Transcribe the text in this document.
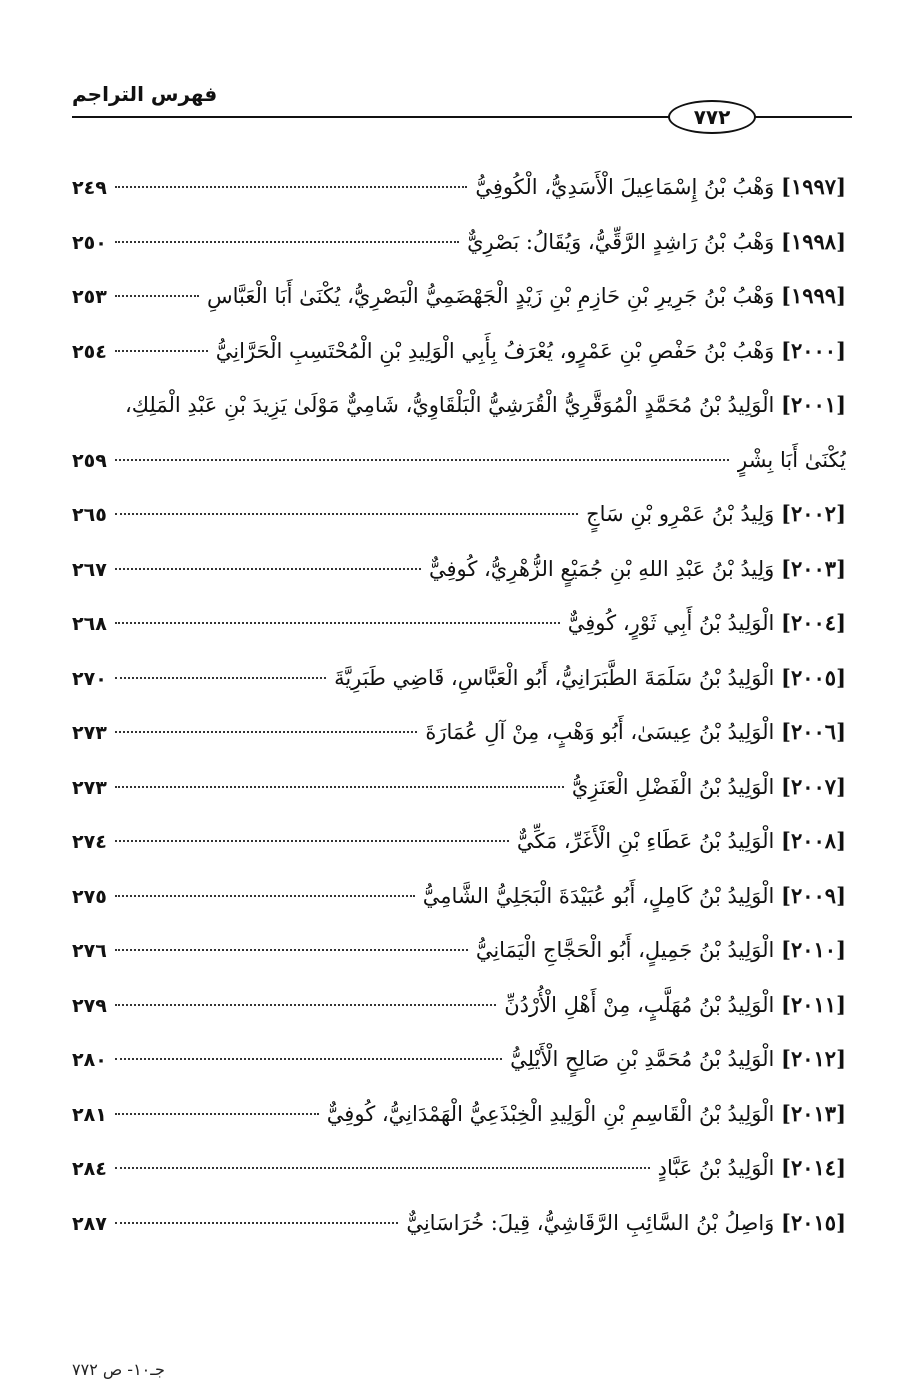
فهرس التراجم
٧٧٢
[١٩٩٧]

وَهْبُ بْنُ إِسْمَاعِيلَ الْأَسَدِيُّ، الْكُوفِيُّ
٢٤٩
[١٩٩٨]

وَهْبُ بْنُ رَاشِدٍ الرَّقِّيُّ، وَيُقَالُ: بَصْرِيٌّ
٢٥٠
[١٩٩٩]

وَهْبُ بْنُ جَرِيرِ بْنِ حَازِمِ بْنِ زَيْدٍ الْجَهْضَمِيُّ الْبَصْرِيُّ، يُكْنَىٰ أَبَا الْعَبَّاسِ
٢٥٣
[٢٠٠٠]

وَهْبُ بْنُ حَفْصِ بْنِ عَمْرٍو، يُعْرَفُ بِأَبِي الْوَلِيدِ بْنِ الْمُحْتَسِبِ الْحَرَّانِيُّ
٢٥٤
[٢٠٠١]

الْوَلِيدُ بْنُ مُحَمَّدٍ الْمُوَقَّرِيُّ الْقُرَشِيُّ الْبَلْقَاوِيُّ، شَامِيٌّ مَوْلَىٰ يَزِيدَ بْنِ عَبْدِ الْمَلِكِ،
يُكْنَىٰ أَبَا بِشْرٍ
٢٥٩
[٢٠٠٢]

وَلِيدُ بْنُ عَمْرِو بْنِ سَاجٍ
٢٦٥
[٢٠٠٣]

وَلِيدُ بْنُ عَبْدِ اللهِ بْنِ جُمَيْعٍ الزُّهْرِيُّ، كُوفِيٌّ
٢٦٧
[٢٠٠٤]

الْوَلِيدُ بْنُ أَبِي ثَوْرٍ، كُوفِيٌّ
٢٦٨
[٢٠٠٥]

الْوَلِيدُ بْنُ سَلَمَةَ الطَّبَرَانِيُّ، أَبُو الْعَبَّاسِ، قَاضِي طَبَرِيَّةَ
٢٧٠
[٢٠٠٦]

الْوَلِيدُ بْنُ عِيسَىٰ، أَبُو وَهْبٍ، مِنْ آلِ عُمَارَةَ
٢٧٣
[٢٠٠٧]

الْوَلِيدُ بْنُ الْفَضْلِ الْعَنَزِيُّ
٢٧٣
[٢٠٠٨]

الْوَلِيدُ بْنُ عَطَاءِ بْنِ الْأَغَرِّ، مَكِّيٌّ
٢٧٤
[٢٠٠٩]

الْوَلِيدُ بْنُ كَامِلٍ، أَبُو عُبَيْدَةَ الْبَجَلِيُّ الشَّامِيُّ
٢٧٥
[٢٠١٠]

الْوَلِيدُ بْنُ جَمِيلٍ، أَبُو الْحَجَّاجِ الْيَمَانِيُّ
٢٧٦
[٢٠١١]

الْوَلِيدُ بْنُ مُهَلَّبٍ، مِنْ أَهْلِ الْأُرْدُنِّ
٢٧٩
[٢٠١٢]

الْوَلِيدُ بْنُ مُحَمَّدِ بْنِ صَالِحٍ الْأَيْلِيُّ
٢٨٠
[٢٠١٣]

الْوَلِيدُ بْنُ الْقَاسِمِ بْنِ الْوَلِيدِ الْخِبْذَعِيُّ الْهَمْدَانِيُّ، كُوفِيٌّ
٢٨١
[٢٠١٤]

الْوَلِيدُ بْنُ عَبَّادٍ
٢٨٤
[٢٠١٥]

وَاصِلُ بْنُ السَّائِبِ الرَّقَاشِيُّ، قِيلَ: خُرَاسَانِيٌّ
٢٨٧
جـ١٠- ص ٧٧٢
